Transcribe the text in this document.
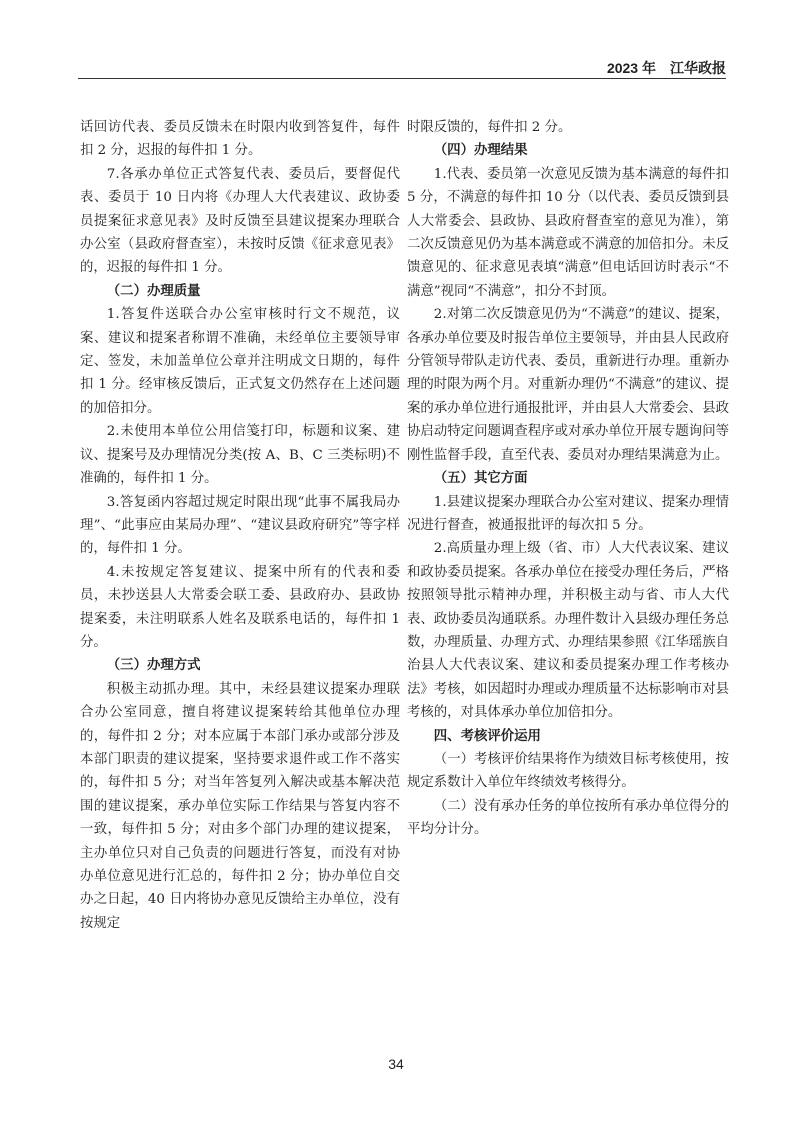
2023 年 江华政报

话回访代表、委员反馈未在时限内收到答复件，每件扣 2 分，迟报的每件扣 1 分。

7.各承办单位正式答复代表、委员后，要督促代表、委员于 10 日内将《办理人大代表建议、政协委员提案征求意见表》及时反馈至县建议提案办理联合办公室（县政府督查室），未按时反馈《征求意见表》的，迟报的每件扣 1 分。

（二）办理质量

1.答复件送联合办公室审核时行文不规范，议案、建议和提案者称谓不准确，未经单位主要领导审定、签发，未加盖单位公章并注明成文日期的，每件扣 1 分。经审核反馈后，正式复文仍然存在上述问题的加倍扣分。

2.未使用本单位公用信笺打印，标题和议案、建议、提案号及办理情况分类(按 A、B、C 三类标明)不准确的，每件扣 1 分。

3.答复函内容超过规定时限出现“此事不属我局办理”、“此事应由某局办理”、“建议县政府研究”等字样的，每件扣 1 分。

4.未按规定答复建议、提案中所有的代表和委员，未抄送县人大常委会联工委、县政府办、县政协提案委，未注明联系人姓名及联系电话的，每件扣 1 分。

（三）办理方式

积极主动抓办理。其中，未经县建议提案办理联合办公室同意，擅自将建议提案转给其他单位办理的，每件扣 2 分；对本应属于本部门承办或部分涉及本部门职责的建议提案，坚持要求退件或工作不落实的，每件扣 5 分；对当年答复列入解决或基本解决范围的建议提案，承办单位实际工作结果与答复内容不一致，每件扣 5 分；对由多个部门办理的建议提案，主办单位只对自己负责的问题进行答复，而没有对协办单位意见进行汇总的，每件扣 2 分；协办单位自交办之日起，40 日内将协办意见反馈给主办单位，没有按规定

时限反馈的，每件扣 2 分。

（四）办理结果

1.代表、委员第一次意见反馈为基本满意的每件扣 5 分，不满意的每件扣 10 分（以代表、委员反馈到县人大常委会、县政协、县政府督查室的意见为准），第二次反馈意见仍为基本满意或不满意的加倍扣分。未反馈意见的、征求意见表填“满意”但电话回访时表示“不满意”视同“不满意”，扣分不封顶。

2.对第二次反馈意见仍为“不满意”的建议、提案，各承办单位要及时报告单位主要领导，并由县人民政府分管领导带队走访代表、委员，重新进行办理。重新办理的时限为两个月。对重新办理仍“不满意”的建议、提案的承办单位进行通报批评，并由县人大常委会、县政协启动特定问题调查程序或对承办单位开展专题询问等刚性监督手段，直至代表、委员对办理结果满意为止。

（五）其它方面

1.县建议提案办理联合办公室对建议、提案办理情况进行督查，被通报批评的每次扣 5 分。

2.高质量办理上级（省、市）人大代表议案、建议和政协委员提案。各承办单位在接受办理任务后，严格按照领导批示精神办理，并积极主动与省、市人大代表、政协委员沟通联系。办理件数计入县级办理任务总数，办理质量、办理方式、办理结果参照《江华瑶族自治县人大代表议案、建议和委员提案办理工作考核办法》考核，如因超时办理或办理质量不达标影响市对县考核的，对具体承办单位加倍扣分。

四、考核评价运用

（一）考核评价结果将作为绩效目标考核使用，按规定系数计入单位年终绩效考核得分。

（二）没有承办任务的单位按所有承办单位得分的平均分计分。

34
